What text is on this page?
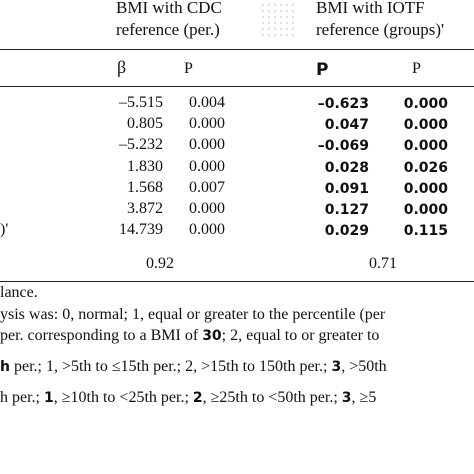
BMI with CDC
reference (per.)
BMI with IOTF
reference (groups)'
β	P	P	P
–5.515 0.004	–0.623 0.000
0.805 0.000	0.047 0.000
–5.232 0.000	–0.069 0.000
1.830 0.000	0.028 0.026
1.568 0.007	0.091 0.000
3.872 0.000	0.127 0.000
)'	14.739 0.000	0.029 0.115
0.92	0.71
lance.
ysis was: 0, normal; 1, equal or greater to the percentile (per
per. corresponding to a BMI of 30; 2, equal to or greater to
h per.; 1, >5th to ≤15th per.; 2, >15th to 150th per.; 3, >50th
h per.; 1, ≥10th to <25th per.; 2, ≥25th to <50th per.; 3, ≥5
